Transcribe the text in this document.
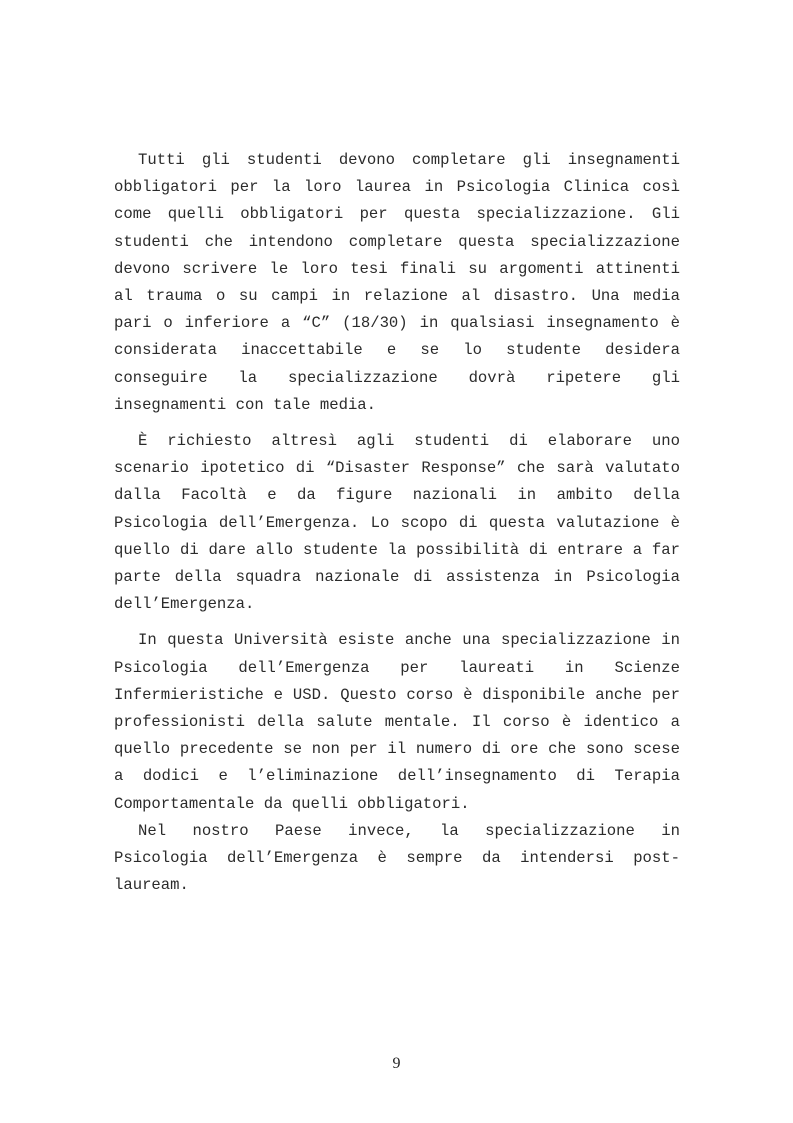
Tutti gli studenti devono completare gli insegnamenti obbligatori per la loro laurea in Psicologia Clinica così come quelli obbligatori per questa specializzazione. Gli studenti che intendono completare questa specializzazione devono scrivere le loro tesi finali su argomenti attinenti al trauma o su campi in relazione al disastro. Una media pari o inferiore a “C” (18/30) in qualsiasi insegnamento è considerata inaccettabile e se lo studente desidera conseguire la specializzazione dovrà ripetere gli insegnamenti con tale media.

È richiesto altresì agli studenti di elaborare uno scenario ipotetico di “Disaster Response” che sarà valutato dalla Facoltà e da figure nazionali in ambito della Psicologia dell’Emergenza. Lo scopo di questa valutazione è quello di dare allo studente la possibilità di entrare a far parte della squadra nazionale di assistenza in Psicologia dell’Emergenza.

In questa Università esiste anche una specializzazione in Psicologia dell’Emergenza per laureati in Scienze Infermieristiche e USD. Questo corso è disponibile anche per professionisti della salute mentale. Il corso è identico a quello precedente se non per il numero di ore che sono scese a dodici e l’eliminazione dell’insegnamento di Terapia Comportamentale da quelli obbligatori.

Nel nostro Paese invece, la specializzazione in Psicologia dell’Emergenza è sempre da intendersi post-lauream.

9
